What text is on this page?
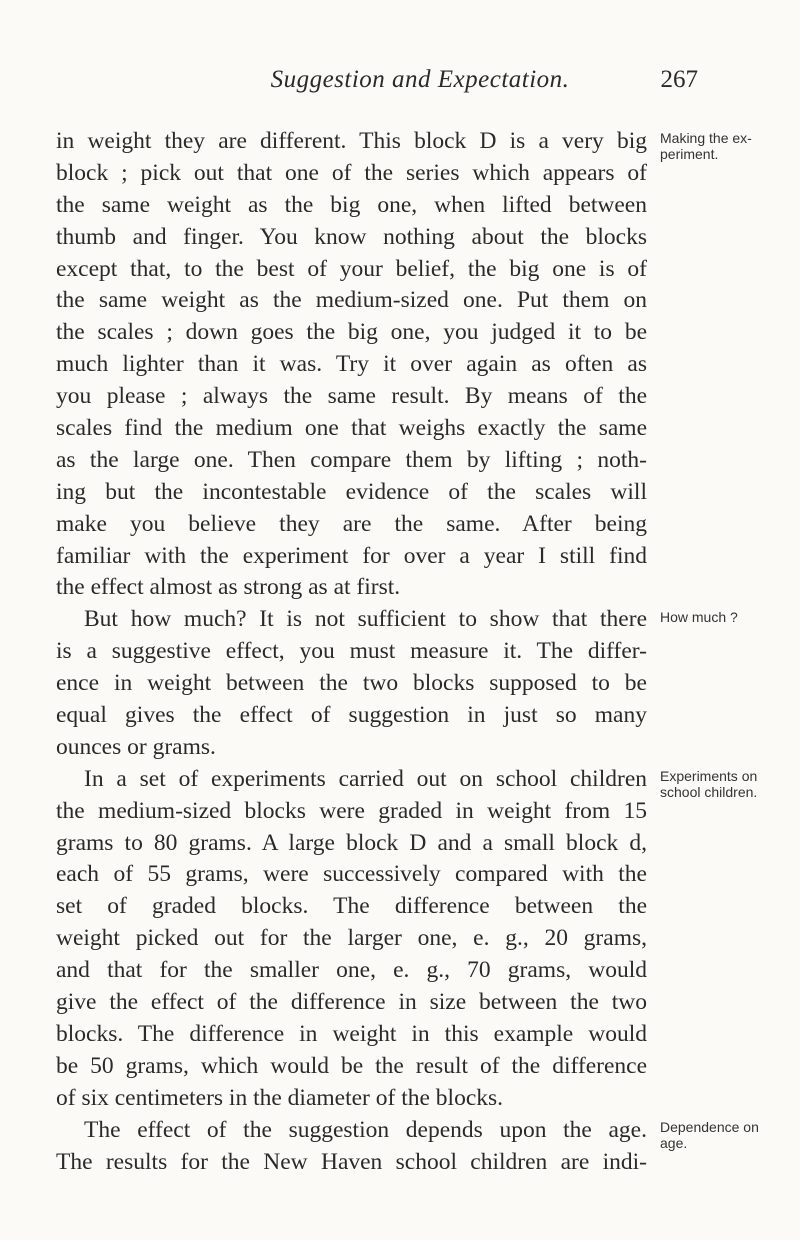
Suggestion and Expectation.	267
in weight they are different. This block D is a very big
block ; pick out that one of the series which appears of
the same weight as the big one, when lifted between
thumb and finger. You know nothing about the blocks
except that, to the best of your belief, the big one is of
the same weight as the medium-sized one. Put them on
the scales ; down goes the big one, you judged it to be
much lighter than it was. Try it over again as often as
you please ; always the same result. By means of the
scales find the medium one that weighs exactly the same
as the large one. Then compare them by lifting ; noth-
ing but the incontestable evidence of the scales will
make you believe they are the same. After being
familiar with the experiment for over a year I still find
the effect almost as strong as at first.
But how much? It is not sufficient to show that there
is a suggestive effect, you must measure it. The differ-
ence in weight between the two blocks supposed to be
equal gives the effect of suggestion in just so many
ounces or grams.
In a set of experiments carried out on school children
the medium-sized blocks were graded in weight from 15
grams to 80 grams. A large block D and a small block d,
each of 55 grams, were successively compared with the
set of graded blocks. The difference between the
weight picked out for the larger one, e. g., 20 grams,
and that for the smaller one, e. g., 70 grams, would
give the effect of the difference in size between the two
blocks. The difference in weight in this example would
be 50 grams, which would be the result of the difference
of six centimeters in the diameter of the blocks.
The effect of the suggestion depends upon the age.
The results for the New Haven school children are indi-
Making the ex-
periment.
How much ?
Experiments on
school children.
Dependence on
age.
